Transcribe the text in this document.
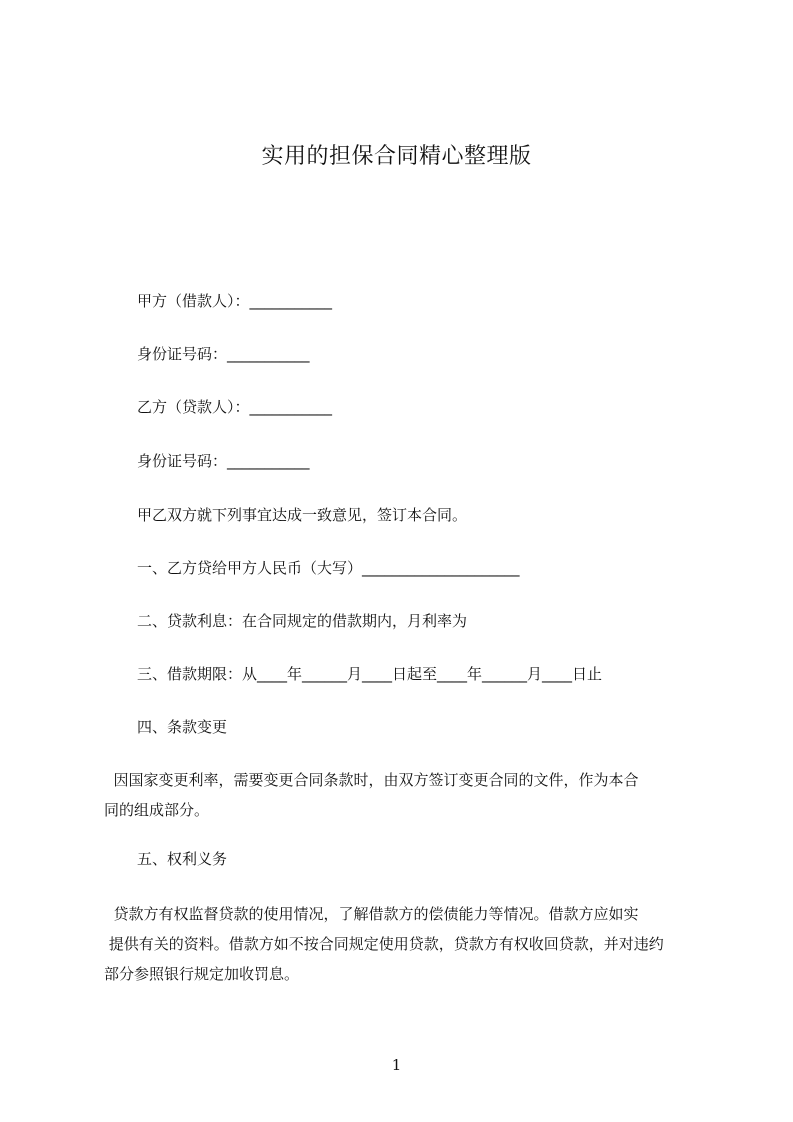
实用的担保合同精心整理版
甲方（借款人）：___________
身份证号码：___________
乙方（贷款人）：___________
身份证号码：___________
甲乙双方就下列事宜达成一致意见，签订本合同。
一、乙方贷给甲方人民币（大写）_____________________
二、贷款利息：在合同规定的借款期内，月利率为
三、借款期限：从____年______月____日起至____年______月____日止
四、条款变更
因国家变更利率，需要变更合同条款时，由双方签订变更合同的文件，作为本合
同的组成部分。
五、权利义务
贷款方有权监督贷款的使用情况，了解借款方的偿债能力等情况。借款方应如实
提供有关的资料。借款方如不按合同规定使用贷款，贷款方有权收回贷款，并对违约
部分参照银行规定加收罚息。
1
